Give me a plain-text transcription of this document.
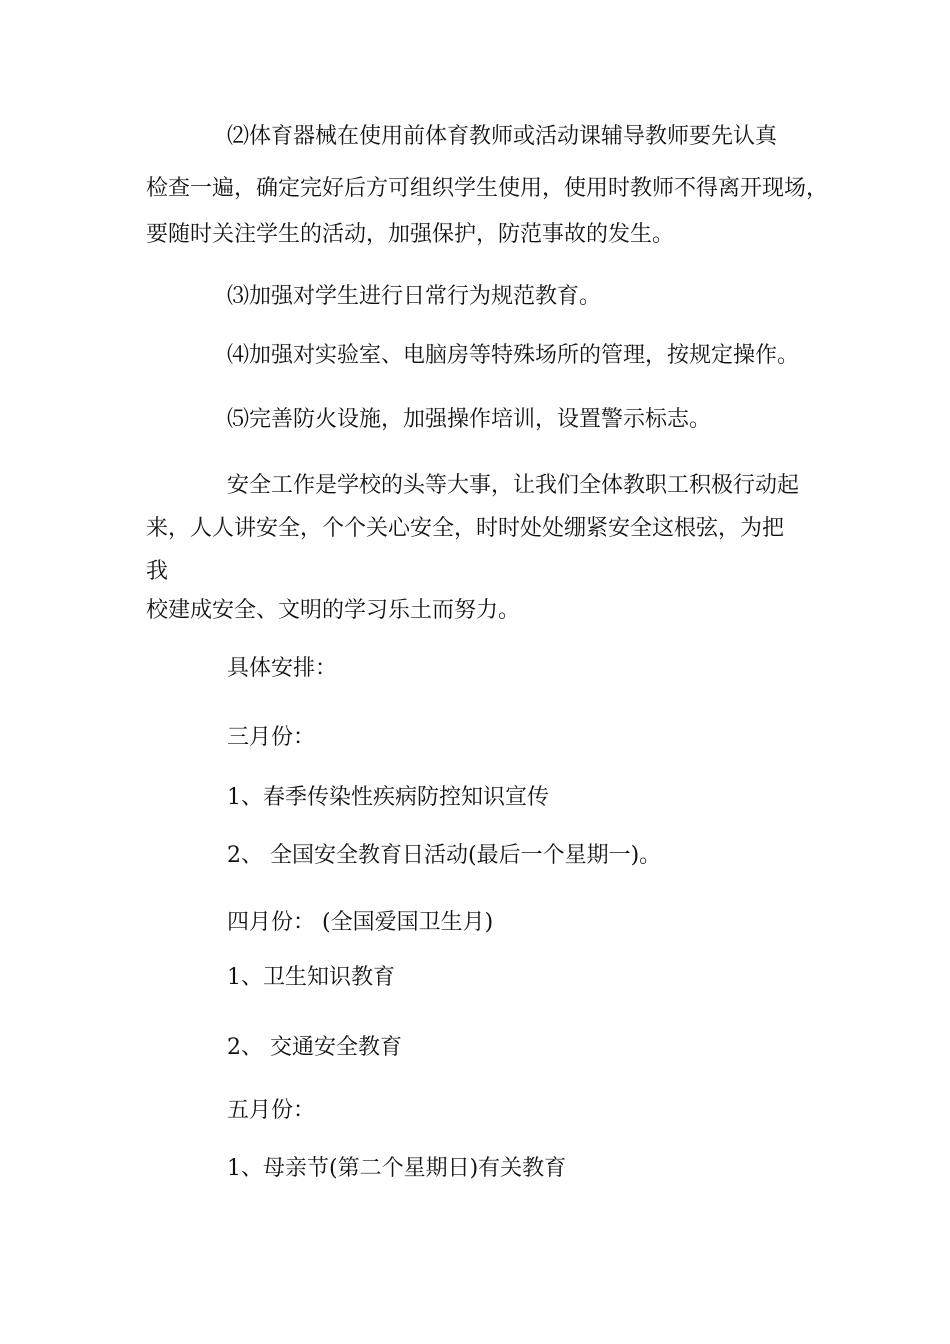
⑵体育器械在使用前体育教师或活动课辅导教师要先认真
检查一遍，确定完好后方可组织学生使用，使用时教师不得离开现场，
要随时关注学生的活动，加强保护，防范事故的发生。
⑶加强对学生进行日常行为规范教育。
⑷加强对实验室、电脑房等特殊场所的管理，按规定操作。
⑸完善防火设施，加强操作培训，设置警示标志。
安全工作是学校的头等大事，让我们全体教职工积极行动起
来，人人讲安全，个个关心安全，时时处处绷紧安全这根弦，为把
我
校建成安全、文明的学习乐土而努力。
具体安排：
三月份：
1、春季传染性疾病防控知识宣传
2、 全国安全教育日活动(最后一个星期一)。
四月份： (全国爱国卫生月)
1、卫生知识教育
2、 交通安全教育
五月份：
1、母亲节(第二个星期日)有关教育
